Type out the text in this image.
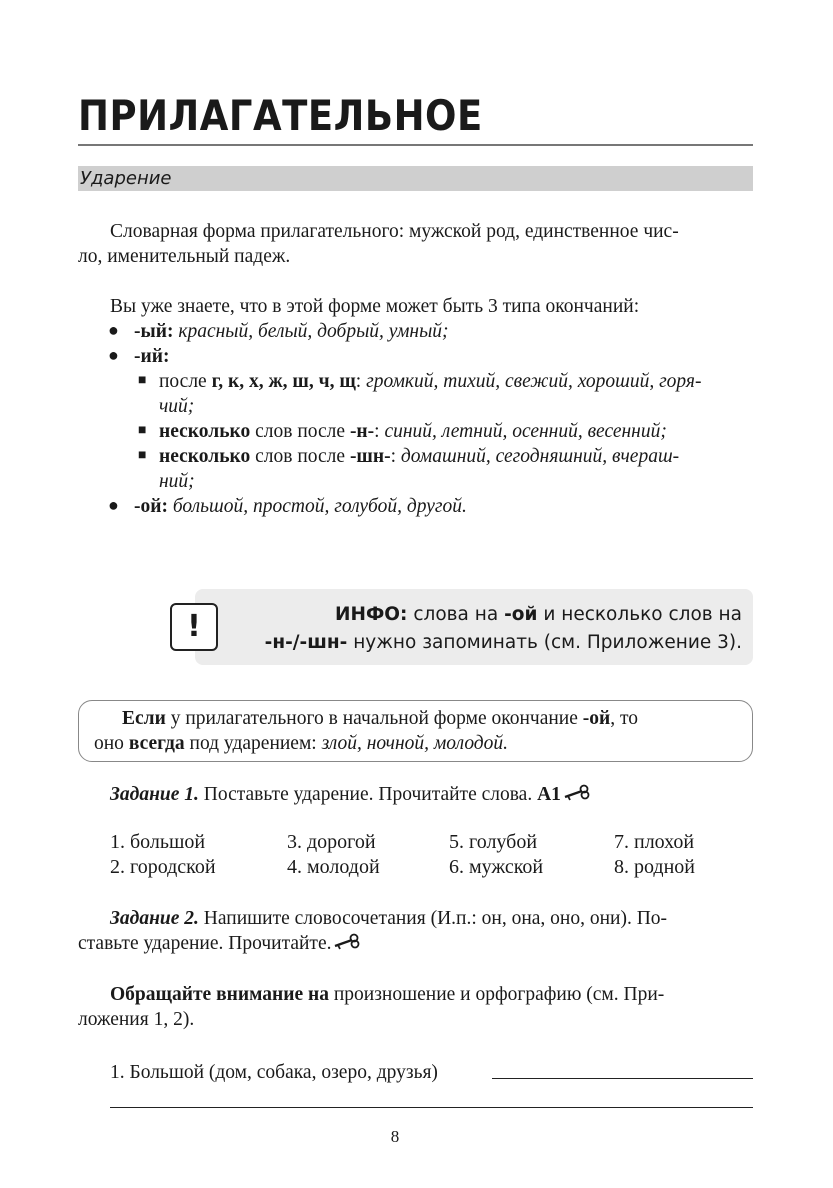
ПРИЛАГАТЕЛЬНОЕ
Ударение
Словарная форма прилагательного: мужской род, единственное чис-
ло, именительный падеж.
Вы уже знаете, что в этой форме может быть 3 типа окончаний:
● -ый: красный, белый, добрый, умный;
● -ий:
■ после г, к, х, ж, ш, ч, щ: громкий, тихий, свежий, хороший, горя-
чий;
■ несколько слов после -н-: синий, летний, осенний, весенний;
■ несколько слов после -шн-: домашний, сегодняшний, вчераш-
ний;
● -ой: большой, простой, голубой, другой.
!	ИНФО: слова на -ой и несколько слов на
-н-/-шн- нужно запоминать (см. Приложение 3).
Если у прилагательного в начальной форме окончание -ой, то
оно всегда под ударением: злой, ночной, молодой.
Задание 1. Поставьте ударение. Прочитайте слова. А1
1. большой
2. городской
3. дорогой
4. молодой
5. голубой
6. мужской
7. плохой
8. родной
Задание 2. Напишите словосочетания (И.п.: он, она, оно, они). По-
ставьте ударение. Прочитайте.
Обращайте внимание на произношение и орфографию (см. При-
ложения 1, 2).
1. Большой (дом, собака, озеро, друзья)
8
